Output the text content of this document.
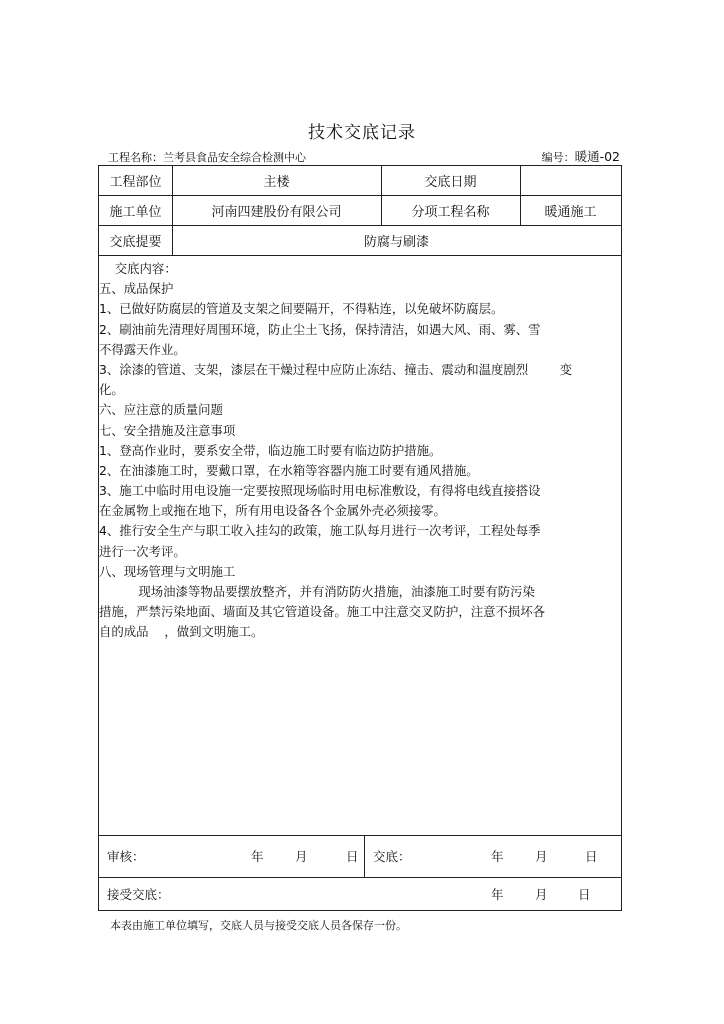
技术交底记录
工程名称：兰考县食品安全综合检测中心	编号：暖通-02
工程部位	主楼	交底日期
施工单位	河南四建股份有限公司	分项工程名称	暖通施工
交底提要	防腐与刷漆
交底内容：
五、成品保护
1、已做好防腐层的管道及支架之间要隔开，不得粘连，以免破坏防腐层。
2、刷油前先清理好周围环境，防止尘土飞扬，保持清洁，如遇大风、雨、雾、雪
不得露天作业。
3、涂漆的管道、支架，漆层在干燥过程中应防止冻结、撞击、震动和温度剧烈        变
化。
六、应注意的质量问题
七、安全措施及注意事项
1、登高作业时，要系安全带，临边施工时要有临边防护措施。
2、在油漆施工时，要戴口罩，在水箱等容器内施工时要有通风措施。
3、施工中临时用电设施一定要按照现场临时用电标准敷设，有得将电线直接搭设
在金属物上或拖在地下，所有用电设备各个金属外壳必须接零。
4、推行安全生产与职工收入挂勾的政策，施工队每月进行一次考评，工程处每季
进行一次考评。
八、现场管理与文明施工
现场油漆等物品要摆放整齐，并有消防防火措施，油漆施工时要有防污染
措施，严禁污染地面、墙面及其它管道设备。施工中注意交叉防护，注意不损坏各
自的成品    ，做到文明施工。
审核：	年	月	日 交底：	年	月	日
接受交底：	年	月 日
本表由施工单位填写，交底人员与接受交底人员各保存一份。
